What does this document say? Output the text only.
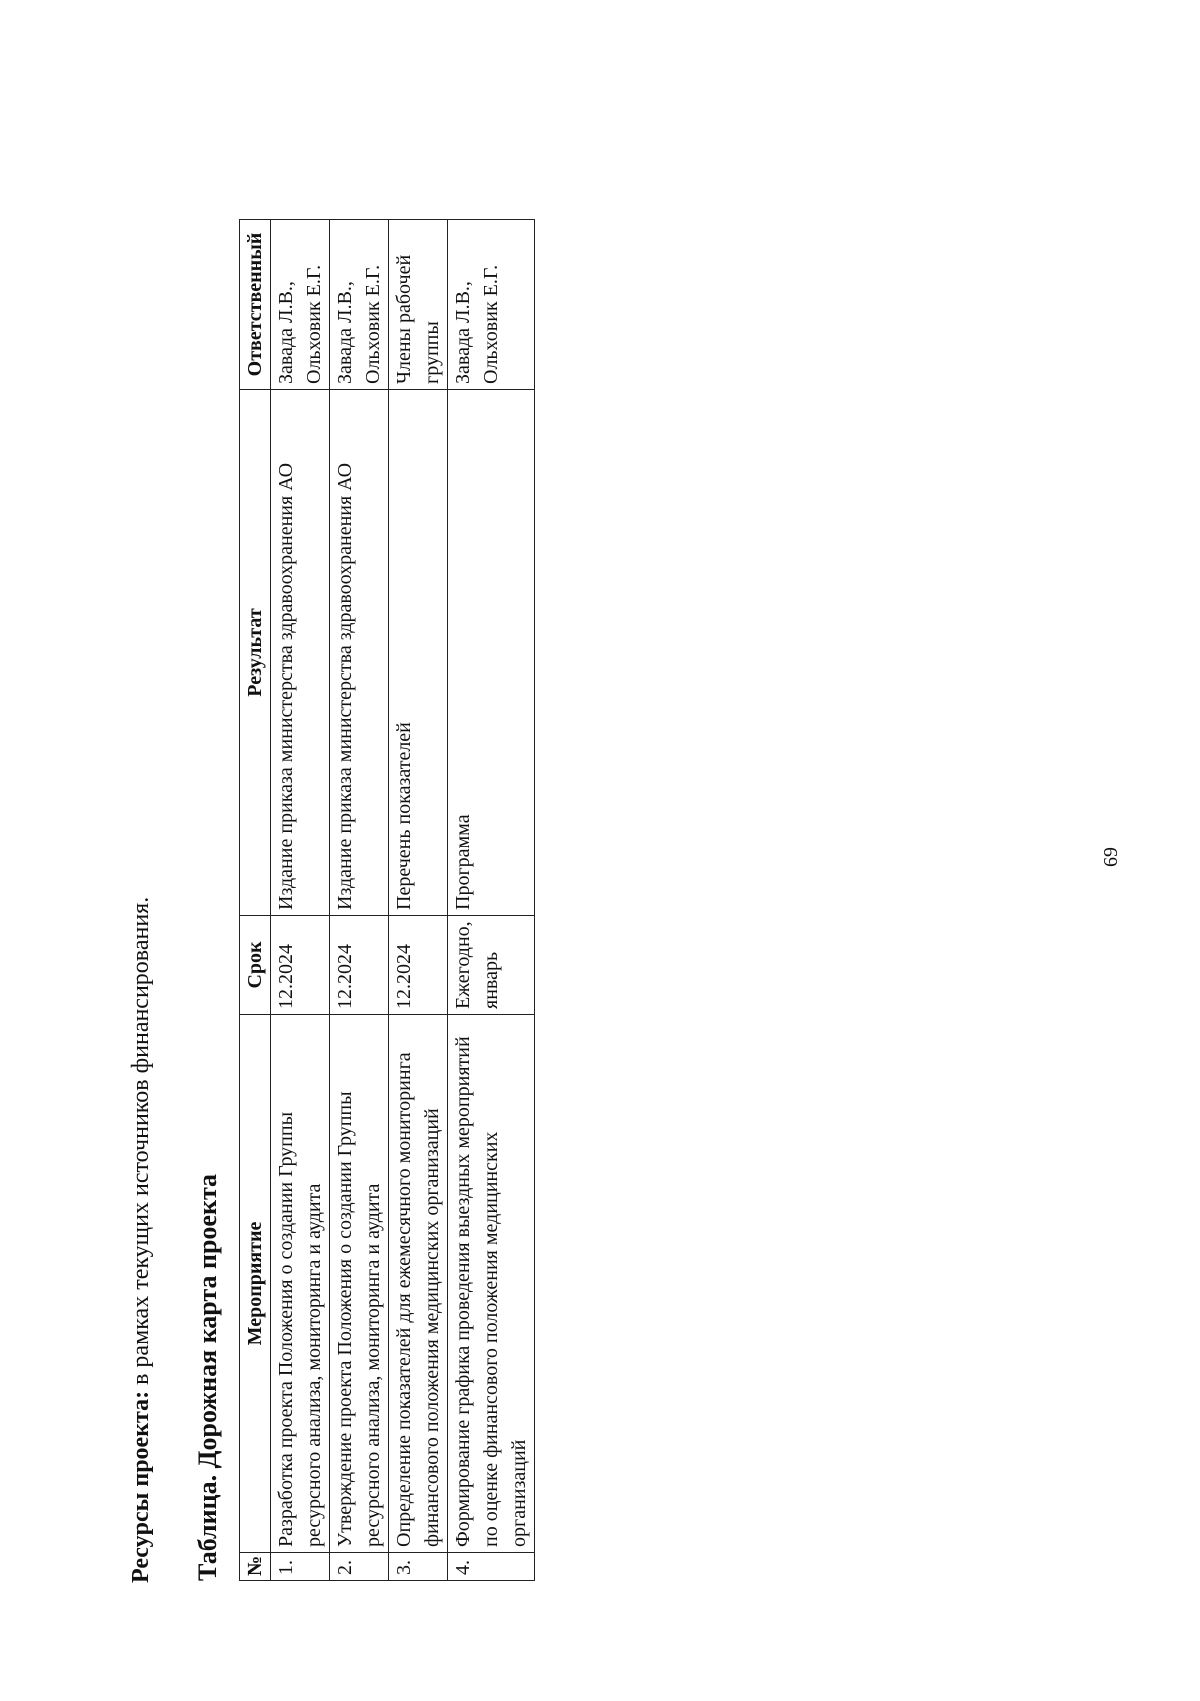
69
Ресурсы проекта: в рамках текущих источников финансирования. Таблица. Дорожная карта проекта №	Мероприятие	Срок	Результат	Ответственный
1.	Разработка проекта Положения о создании Группы ресурсного анализа, мониторинга и аудита	12.2024	Издание приказа министерства здравоохранения АО	Завада Л.В., Ольховик Е.Г.
2.	Утверждение проекта Положения о создании Группы ресурсного анализа, мониторинга и аудита	12.2024	Издание приказа министерства здравоохранения АО	Завада Л.В., Ольховик Е.Г.
3.	Определение показателей для ежемесячного мониторинга финансового положения медицинских организаций	12.2024	Перечень показателей	Члены рабочей группы
4.	Формирование графика проведения выездных мероприятий по оценке финансового положения медицинских организаций	Ежегодно, январь	Программа	Завада Л.В., Ольховик Е.Г.
